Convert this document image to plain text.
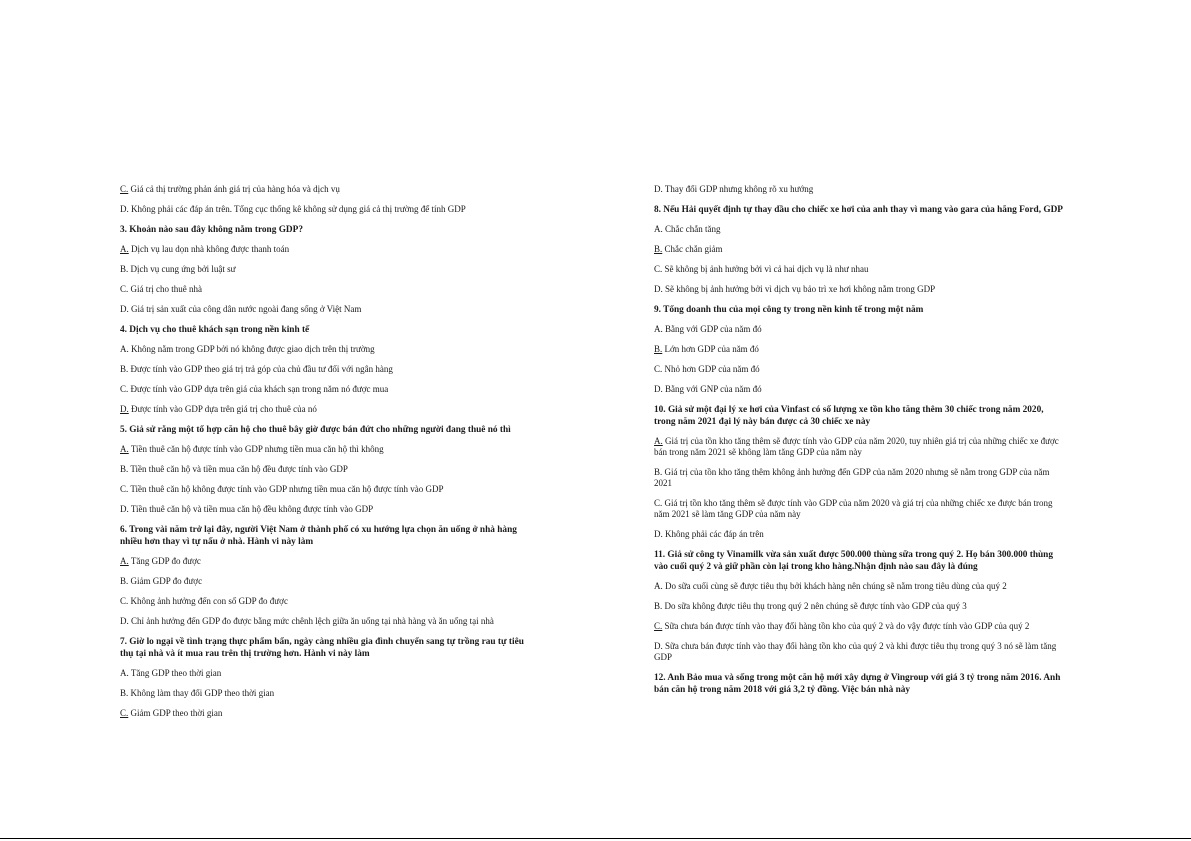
C. Giá cả thị trường phản ánh giá trị của hàng hóa và dịch vụ
D. Không phải các đáp án trên. Tổng cục thống kê không sử dụng giá cả thị trường để tính GDP
3. Khoản nào sau đây không nằm trong GDP?
A. Dịch vụ lau dọn nhà không được thanh toán
B. Dịch vụ cung ứng bởi luật sư
C. Giá trị cho thuê nhà
D. Giá trị sản xuất của công dân nước ngoài đang sống ở Việt Nam
4. Dịch vụ cho thuê khách sạn trong nền kinh tế
A. Không nằm trong GDP bởi nó không được giao dịch trên thị trường
B. Được tính vào GDP theo giá trị trả góp của chủ đầu tư đối với ngân hàng
C. Được tính vào GDP dựa trên giá của khách sạn trong năm nó được mua
D. Được tính vào GDP dựa trên giá trị cho thuê của nó
5. Giả sử rằng một tổ hợp căn hộ cho thuê bây giờ được bán đứt cho những người đang thuê nó thì
A. Tiền thuê căn hộ được tính vào GDP nhưng tiền mua căn hộ thì không
B. Tiền thuê căn hộ và tiền mua căn hộ đều được tính vào GDP
C. Tiền thuê căn hộ không được tính vào GDP nhưng tiền mua căn hộ được tính vào GDP
D. Tiền thuê căn hộ và tiền mua căn hộ đều không được tính vào GDP
6. Trong vài năm trở lại đây, người Việt Nam ở thành phố có xu hướng lựa chọn ăn uống ở nhà hàng nhiều hơn thay vì tự nấu ở nhà. Hành vi này làm
A. Tăng GDP đo được
B. Giảm GDP đo được
C. Không ảnh hưởng đến con số GDP đo được
D. Chỉ ảnh hưởng đến GDP đo được bằng mức chênh lệch giữa ăn uống tại nhà hàng và ăn uống tại nhà
7. Giờ lo ngại về tình trạng thực phẩm bẩn, ngày càng nhiều gia đình chuyển sang tự trồng rau tự tiêu thụ tại nhà và ít mua rau trên thị trường hơn. Hành vi này làm
A. Tăng GDP theo thời gian
B. Không làm thay đổi GDP theo thời gian
C. Giảm GDP theo thời gian
D. Thay đổi GDP nhưng không rõ xu hướng
8. Nếu Hải quyết định tự thay dầu cho chiếc xe hơi của anh thay vì mang vào gara của hãng Ford, GDP
A. Chắc chắn tăng
B. Chắc chắn giảm
C. Sẽ không bị ảnh hưởng bởi vì cả hai dịch vụ là như nhau
D. Sẽ không bị ảnh hưởng bởi vì dịch vụ bảo trì xe hơi không nằm trong GDP
9. Tổng doanh thu của mọi công ty trong nền kinh tế trong một năm
A. Bằng với GDP của năm đó
B. Lớn hơn GDP của năm đó
C. Nhỏ hơn GDP của năm đó
D. Bằng với GNP của năm đó
10. Giả sử một đại lý xe hơi của Vinfast có số lượng xe tồn kho tăng thêm 30 chiếc trong năm 2020, trong năm 2021 đại lý này bán được cả 30 chiếc xe này
A. Giá trị của tồn kho tăng thêm sẽ được tính vào GDP của năm 2020, tuy nhiên giá trị của những chiếc xe được bán trong năm 2021 sẽ không làm tăng GDP của năm này
B. Giá trị của tồn kho tăng thêm không ảnh hưởng đến GDP của năm 2020 nhưng sẽ nằm trong GDP của năm 2021
C. Giá trị tồn kho tăng thêm sẽ được tính vào GDP của năm 2020 và giá trị của những chiếc xe được bán trong năm 2021 sẽ làm tăng GDP của năm này
D. Không phải các đáp án trên
11. Giả sử công ty Vinamilk vừa sản xuất được 500.000 thùng sữa trong quý 2. Họ bán 300.000 thùng vào cuối quý 2 và giữ phần còn lại trong kho hàng.Nhận định nào sau đây là đúng
A. Do sữa cuối cùng sẽ được tiêu thụ bởi khách hàng nên chúng sẽ nằm trong tiêu dùng của quý 2
B. Do sữa không được tiêu thụ trong quý 2 nên chúng sẽ được tính vào GDP của quý 3
C. Sữa chưa bán được tính vào thay đổi hàng tồn kho của quý 2 và do vậy được tính vào GDP của quý 2
D. Sữa chưa bán được tính vào thay đổi hàng tồn kho của quý 2 và khi được tiêu thụ trong quý 3 nó sẽ làm tăng GDP
12. Anh Bảo mua và sống trong một căn hộ mới xây dựng ở Vingroup với giá 3 tỷ trong năm 2016. Anh bán căn hộ trong năm 2018 với giá 3,2 tỷ đồng. Việc bán nhà này
